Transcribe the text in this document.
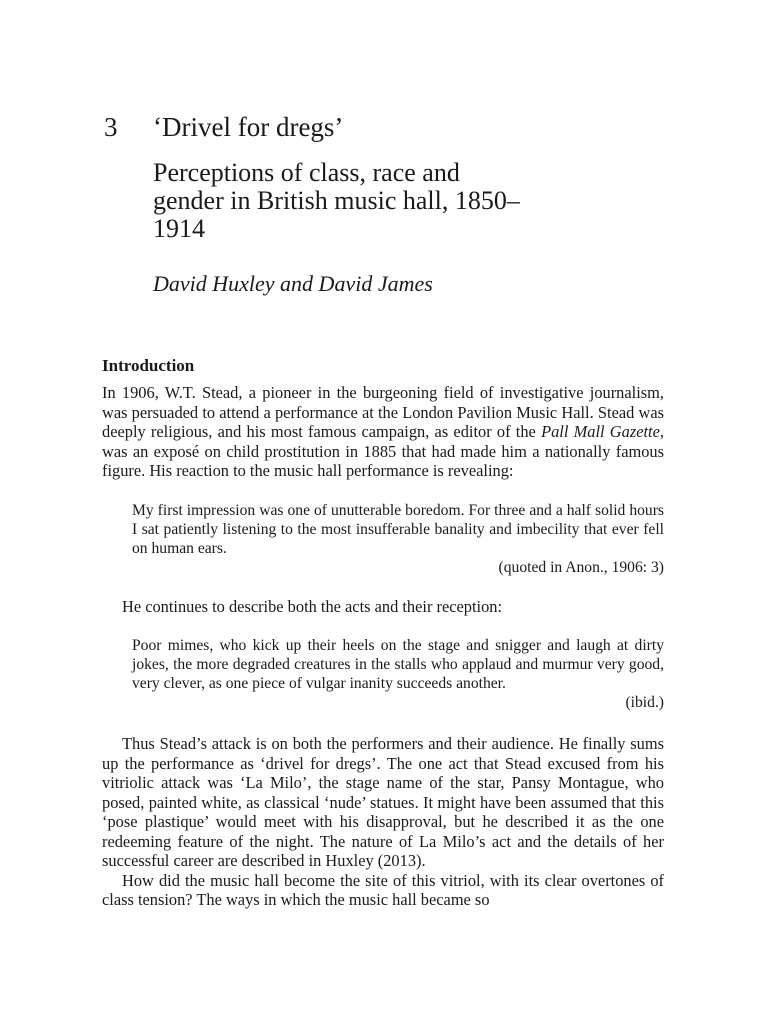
3 ‘Drivel for dregs’
Perceptions of class, race and gender in British music hall, 1850–1914
David Huxley and David James
Introduction

In 1906, W.T. Stead, a pioneer in the burgeoning field of investigative journalism, was persuaded to attend a performance at the London Pavilion Music Hall. Stead was deeply religious, and his most famous campaign, as editor of the Pall Mall Gazette, was an exposé on child prostitution in 1885 that had made him a nationally famous figure. His reaction to the music hall performance is revealing:

My first impression was one of unutterable boredom. For three and a half solid hours I sat patiently listening to the most insufferable banality and imbecility that ever fell on human ears.
(quoted in Anon., 1906: 3)

He continues to describe both the acts and their reception:

Poor mimes, who kick up their heels on the stage and snigger and laugh at dirty jokes, the more degraded creatures in the stalls who applaud and murmur very good, very clever, as one piece of vulgar inanity succeeds another.
(ibid.)

Thus Stead’s attack is on both the performers and their audience. He finally sums up the performance as ‘drivel for dregs’. The one act that Stead excused from his vitriolic attack was ‘La Milo’, the stage name of the star, Pansy Montague, who posed, painted white, as classical ‘nude’ statues. It might have been assumed that this ‘pose plastique’ would meet with his disapproval, but he described it as the one redeeming feature of the night. The nature of La Milo’s act and the details of her successful career are described in Huxley (2013).

How did the music hall become the site of this vitriol, with its clear overtones of class tension? The ways in which the music hall became so
